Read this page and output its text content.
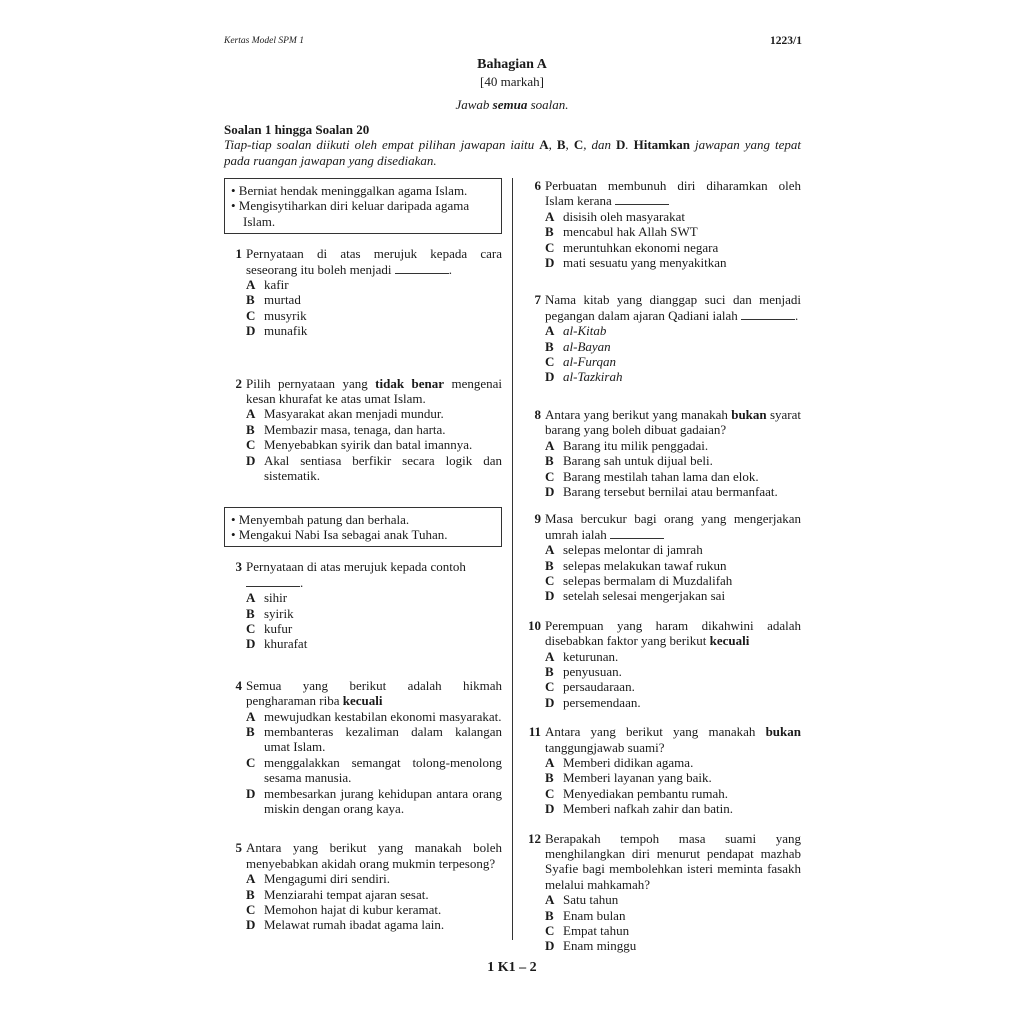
Kertas Model SPM 1	1223/1
Bahagian A
[40 markah]
Jawab semua soalan.
Soalan 1 hingga Soalan 20
Tiap-tiap soalan diikuti oleh empat pilihan jawapan iaitu A, B, C, dan D. Hitamkan jawapan yang tepat pada ruangan jawapan yang disediakan.
• Berniat hendak meninggalkan agama Islam.
• Mengisytiharkan diri keluar daripada agama Islam.
1 Pernyataan di atas merujuk kepada cara seseorang itu boleh menjadi	.
A kafir
B murtad
C musyrik
D munafik
2 Pilih pernyataan yang tidak benar mengenai kesan khurafat ke atas umat Islam.
A Masyarakat akan menjadi mundur.
B Membazir masa, tenaga, dan harta.
C Menyebabkan syirik dan batal imannya.
D Akal sentiasa berfikir secara logik dan sistematik.
• Menyembah patung dan berhala.
• Mengakui Nabi Isa sebagai anak Tuhan.
3 Pernyataan di atas merujuk kepada contoh
.
A sihir
B syirik
C kufur
D khurafat
4 Semua yang berikut adalah hikmah pengharaman riba kecuali
A mewujudkan kestabilan ekonomi masyarakat.
B membanteras kezaliman dalam kalangan umat Islam.
C menggalakkan semangat tolong-menolong sesama manusia.
D membesarkan jurang kehidupan antara orang miskin dengan orang kaya.
5 Antara yang berikut yang manakah boleh menyebabkan akidah orang mukmin terpesong?
A Mengagumi diri sendiri.
B Menziarahi tempat ajaran sesat.
C Memohon hajat di kubur keramat.
D Melawat rumah ibadat agama lain.
6 Perbuatan membunuh diri diharamkan oleh Islam kerana
A disisih oleh masyarakat
B mencabul hak Allah SWT
C meruntuhkan ekonomi negara
D mati sesuatu yang menyakitkan
7 Nama kitab yang dianggap suci dan menjadi pegangan dalam ajaran Qadiani ialah	.
A al-Kitab
B al-Bayan
C al-Furqan
D al-Tazkirah
8 Antara yang berikut yang manakah bukan syarat barang yang boleh dibuat gadaian?
A Barang itu milik penggadai.
B Barang sah untuk dijual beli.
C Barang mestilah tahan lama dan elok.
D Barang tersebut bernilai atau bermanfaat.
9 Masa bercukur bagi orang yang mengerjakan umrah ialah
A selepas melontar di jamrah
B selepas melakukan tawaf rukun
C selepas bermalam di Muzdalifah
D setelah selesai mengerjakan sai
10 Perempuan yang haram dikahwini adalah disebabkan faktor yang berikut kecuali
A keturunan.
B penyusuan.
C persaudaraan.
D persemendaan.
11 Antara yang berikut yang manakah bukan tanggungjawab suami?
A Memberi didikan agama.
B Memberi layanan yang baik.
C Menyediakan pembantu rumah.
D Memberi nafkah zahir dan batin.
12 Berapakah tempoh masa suami yang menghilangkan diri menurut pendapat mazhab Syafie bagi membolehkan isteri meminta fasakh melalui mahkamah?
A Satu tahun
B Enam bulan
C Empat tahun
D Enam minggu
1 K1 – 2
